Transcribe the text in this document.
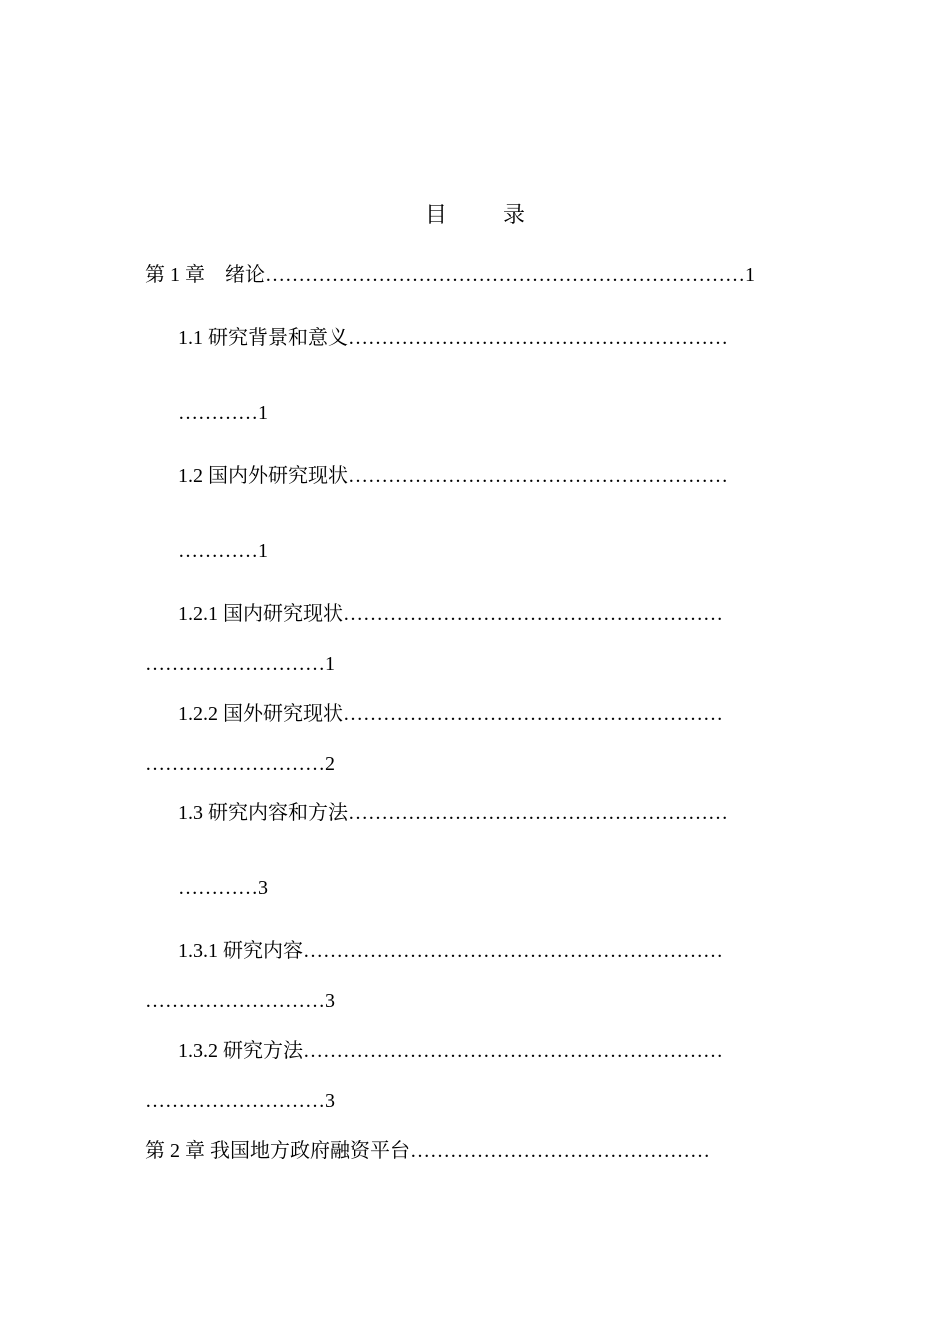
目	录
第 1 章　绪论………………………………………………………………1
1.1 研究背景和意义…………………………………………………
…………1
1.2 国内外研究现状…………………………………………………
…………1
1.2.1 国内研究现状…………………………………………………
………………………1
1.2.2 国外研究现状…………………………………………………
………………………2
1.3 研究内容和方法…………………………………………………
…………3
1.3.1 研究内容………………………………………………………
………………………3
1.3.2 研究方法………………………………………………………
………………………3
第 2 章 我国地方政府融资平台………………………………………
